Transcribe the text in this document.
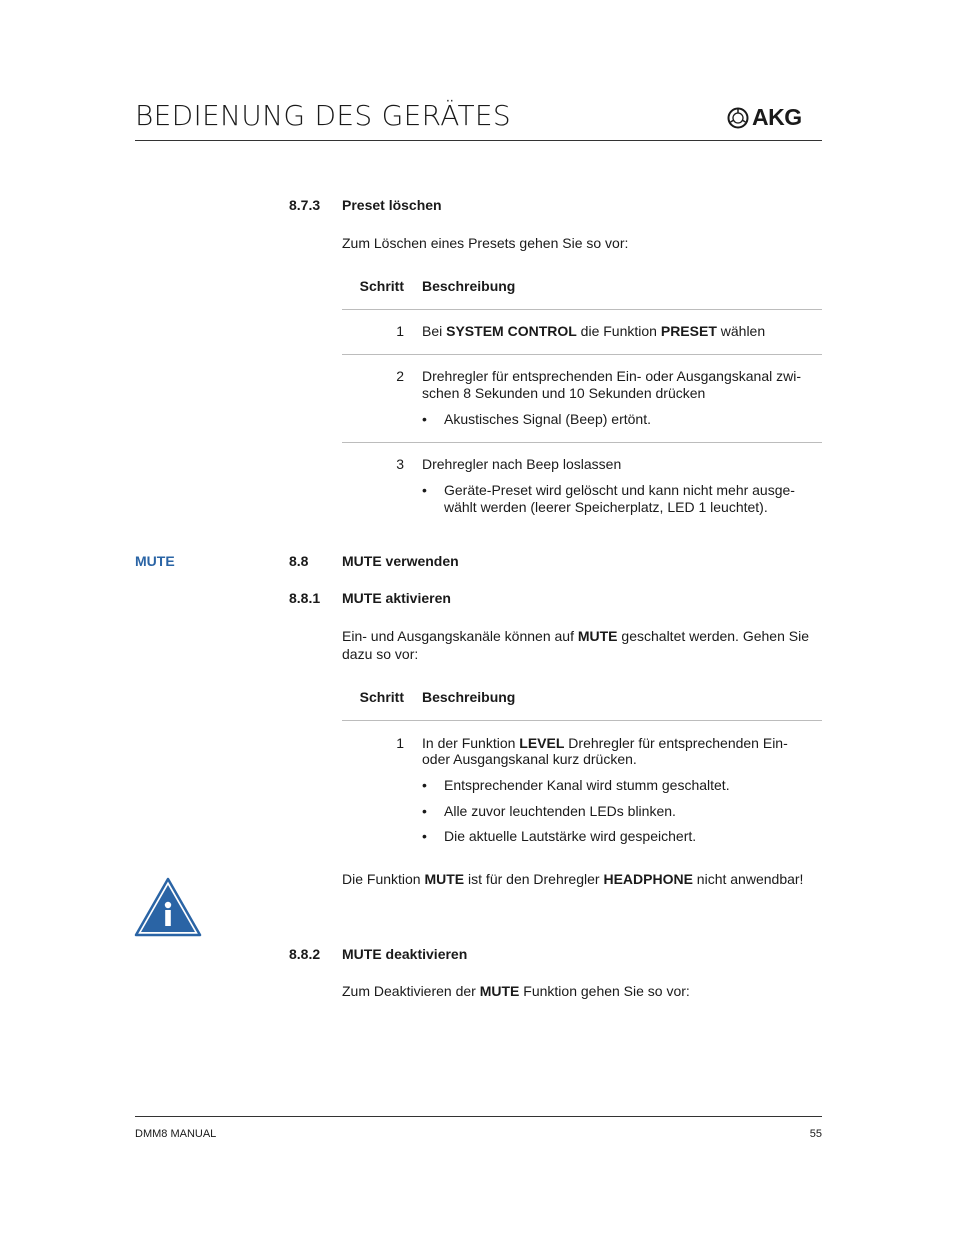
BEDIENUNG DES GERÄTES	AKG
8.7.3 Preset löschen
Zum Löschen eines Presets gehen Sie so vor:
Schritt Beschreibung
1 Bei SYSTEM CONTROL die Funktion PRESET wählen
2 Drehregler für entsprechenden Ein- oder Ausgangskanal zwi-
schen 8 Sekunden und 10 Sekunden drücken
•	Akustisches Signal (Beep) ertönt.
3 Drehregler nach Beep loslassen
•	Geräte-Preset wird gelöscht und kann nicht mehr ausge-
wählt werden (leerer Speicherplatz, LED 1 leuchtet).
MUTE	8.8 MUTE verwenden
8.8.1 MUTE aktivieren
Ein- und Ausgangskanäle können auf MUTE geschaltet werden. Gehen Sie
dazu so vor:
Schritt Beschreibung
1 In der Funktion LEVEL Drehregler für entsprechenden Ein-
oder Ausgangskanal kurz drücken.
•	Entsprechender Kanal wird stumm geschaltet.
•	Alle zuvor leuchtenden LEDs blinken.
•	Die aktuelle Lautstärke wird gespeichert.
Die Funktion MUTE ist für den Drehregler HEADPHONE nicht anwendbar!
8.8.2 MUTE deaktivieren
Zum Deaktivieren der MUTE Funktion gehen Sie so vor:
DMM8 MANUAL	55
